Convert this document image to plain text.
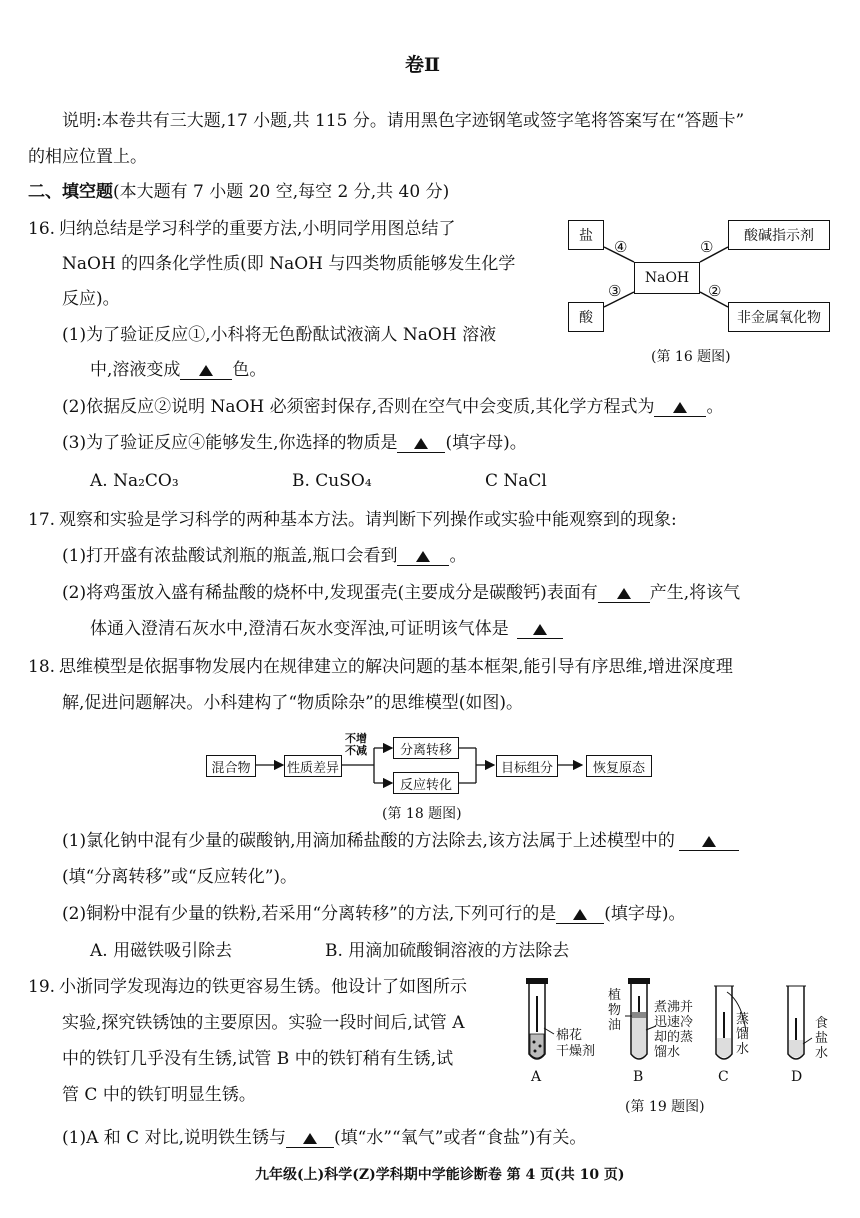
卷Ⅱ
说明:本卷共有三大题,17 小题,共 115 分。请用黑色字迹钢笔或签字笔将答案写在“答题卡”
的相应位置上。
二、填空题(本大题有 7 小题 20 空,每空 2 分,共 40 分)
16. 归纳总结是学习科学的重要方法,小明同学用图总结了
NaOH 的四条化学性质(即 NaOH 与四类物质能够发生化学
反应)。
(1)为了验证反应①,小科将无色酚酞试液滴人 NaOH 溶液
中,溶液变成	色。
(2)依据反应②说明 NaOH 必须密封保存,否则在空气中会变质,其化学方程式为	。
(3)为了验证反应④能够发生,你选择的物质是	(填字母)。
A. Na₂CO₃	B. CuSO₄	C NaCl
盐
酸
NaOH
酸碱指示剂
非金属氧化物
④
③
①
②
(第 16 题图)
17. 观察和实验是学习科学的两种基本方法。请判断下列操作或实验中能观察到的现象:
(1)打开盛有浓盐酸试剂瓶的瓶盖,瓶口会看到	。
(2)将鸡蛋放入盛有稀盐酸的烧杯中,发现蛋壳(主要成分是碳酸钙)表面有	产生,将该气
体通入澄清石灰水中,澄清石灰水变浑浊,可证明该气体是
18. 思维模型是依据事物发展内在规律建立的解决问题的基本框架,能引导有序思维,增进深度理
解,促进问题解决。小科建构了“物质除杂”的思维模型(如图)。
混合物	性质差异
不增
不减	分离转移
反应转化
目标组分	恢复原态
(第 18 题图)
(1)氯化钠中混有少量的碳酸钠,用滴加稀盐酸的方法除去,该方法属于上述模型中的
(填“分离转移”或“反应转化”)。
(2)铜粉中混有少量的铁粉,若采用“分离转移”的方法,下列可行的是	(填字母)。
A. 用磁铁吸引除去	B. 用滴加硫酸铜溶液的方法除去
19. 小浙同学发现海边的铁更容易生锈。他设计了如图所示
实验,探究铁锈蚀的主要原因。实验一段时间后,试管 A
中的铁钉几乎没有生锈,试管 B 中的铁钉稍有生锈,试
管 C 中的铁钉明显生锈。
(1)A 和 C 对比,说明铁生锈与	(填“水”“氧气”或者“食盐”)有关。
棉花
干燥剂
植
物
油
煮沸并
迅速冷
却的蒸
馏水
蒸
馏
水
食
盐
水
A	B	C	D
(第 19 题图)
九年级(上)科学(Z)学科期中学能诊断卷 第 4 页(共 10 页)
